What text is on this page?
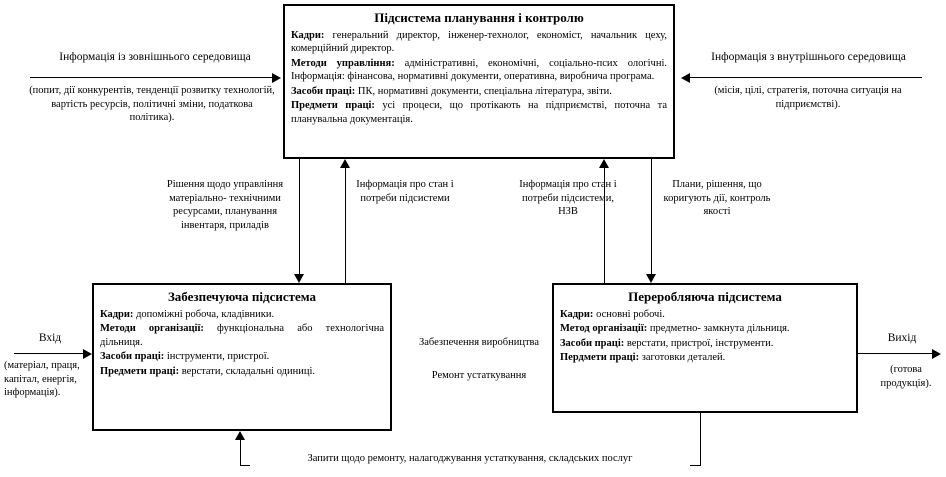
Підсистема планування і контролю

Кадри: генеральний директор, інженер-технолог, економіст, начальник цеху, комерційний директор.

Методи управління: адміністративні, економічні, соціально-псих ологічні. Інформація: фінансова, нормативні документи, оперативна, виробнича програма.

Засоби праці: ПК, нормативні документи, спеціальна література, звіти.

Предмети праці: усі процеси, що протікають на підприємстві, поточна та планувальна документація.

Забезпечуюча підсистема

Кадри: допоміжні робоча, кладівники.

Методи організації: функціональна або технологічна дільниця.

Засоби праці: інструменти, пристрої.

Предмети праці: верстати, складальні одиниці.

Переробляюча підсистема

Кадри: основні робочі.

Метод організації: предметно- замкнута дільниця.

Засоби праці: верстати, пристрої, інструменти.

Пердмети праці: заготовки деталей.

Інформація із зовнішнього середовища
(попит, дії конкурентів, тенденції розвитку технологій, вартість ресурсів, політичні зміни, податкова політика).
Інформація з внутрішнього середовища
(місія, цілі, стратегія, поточна ситуація на підприємстві).
Рішення щодо управління матеріально- технічними ресурсами, планування інвентаря, приладів
Інформація про стан і потреби підсистеми
Інформація про стан і потреби підсистеми, НЗВ
Плани, рішення, що коригують дії, контроль якості
Забезпечення виробництва
Ремонт устаткування
Вхід
(матеріал, праця, капітал, енергія, інформація).
Вихід
(готова продукція).
Запити щодо ремонту, налагоджування устаткування, складських послуг
